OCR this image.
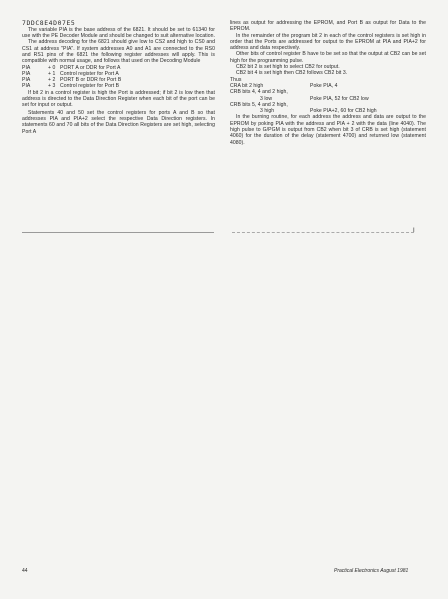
7DDC8E4D07E5

The variable PIA is the base address of the 6821. It should be set to 61340 for use with the PE Decoder Module and should be changed to suit alternative location.

The address decoding for the 6821 should give low to CS2 and high to CS0 and CS1 at address "PIA". If system addresses A0 and A1 are connected to the RS0 and RS1 pins of the 6821 the following register addresses will apply. This is compatible with normal usage, and follows that used on the Decoding Module

PIA	+ 0 PORT A or DDR for Port A
PIA	+ 1 Control register for Port A
PIA	+ 2 PORT B or DDR for Port B
PIA	+ 3 Control register for Port B

If bit 2 in a control register is high the Port is addressed; if bit 2 is low then that address is directed to the Data Direction Register when each bit of the port can be set for input or output.

Statements 40 and 50 set the control registers for ports A and B so that addresses PIA and PIA+2 select the respective Data Direction registers. In statements 60 and 70 all bits of the Data Direction Registers are set high, selecting Port A

lines as output for addressing the EPROM, and Port B as output for Data to the EPROM.

In the remainder of the program bit 2 in each of the control registers is set high in order that the Ports are addressed for output to the EPROM at PIA and PIA+2 for address and data respectively.

Other bits of control register B have to be set so that the output at CB2 can be set high for the programming pulse.

CB2 bit 2 is set high to select CB2 for output.
CB2 bit 4 is set high then CB2 follows CB2 bit 3.
Thus
CRA bit 2 high	Poke PIA, 4
CRB bits 4, 4 and 2 high,
3 low	Poke PIA, 52 for CB2 low
CRB bits 5, 4 and 2 high,
3 high	Poke PIA+2, 60 for CB2 high

In the burning routine, for each address the address and data are output to the EPROM by poking PIA with the address and PIA + 2 with the data (line 4040). The high pulse to G/PGM is output from CB2 when bit 3 of CRB is set high (statement 4060) for the duration of the delay (statement 4700) and returned low (statement 4080).

I
44	Practical Electronics August 1981
